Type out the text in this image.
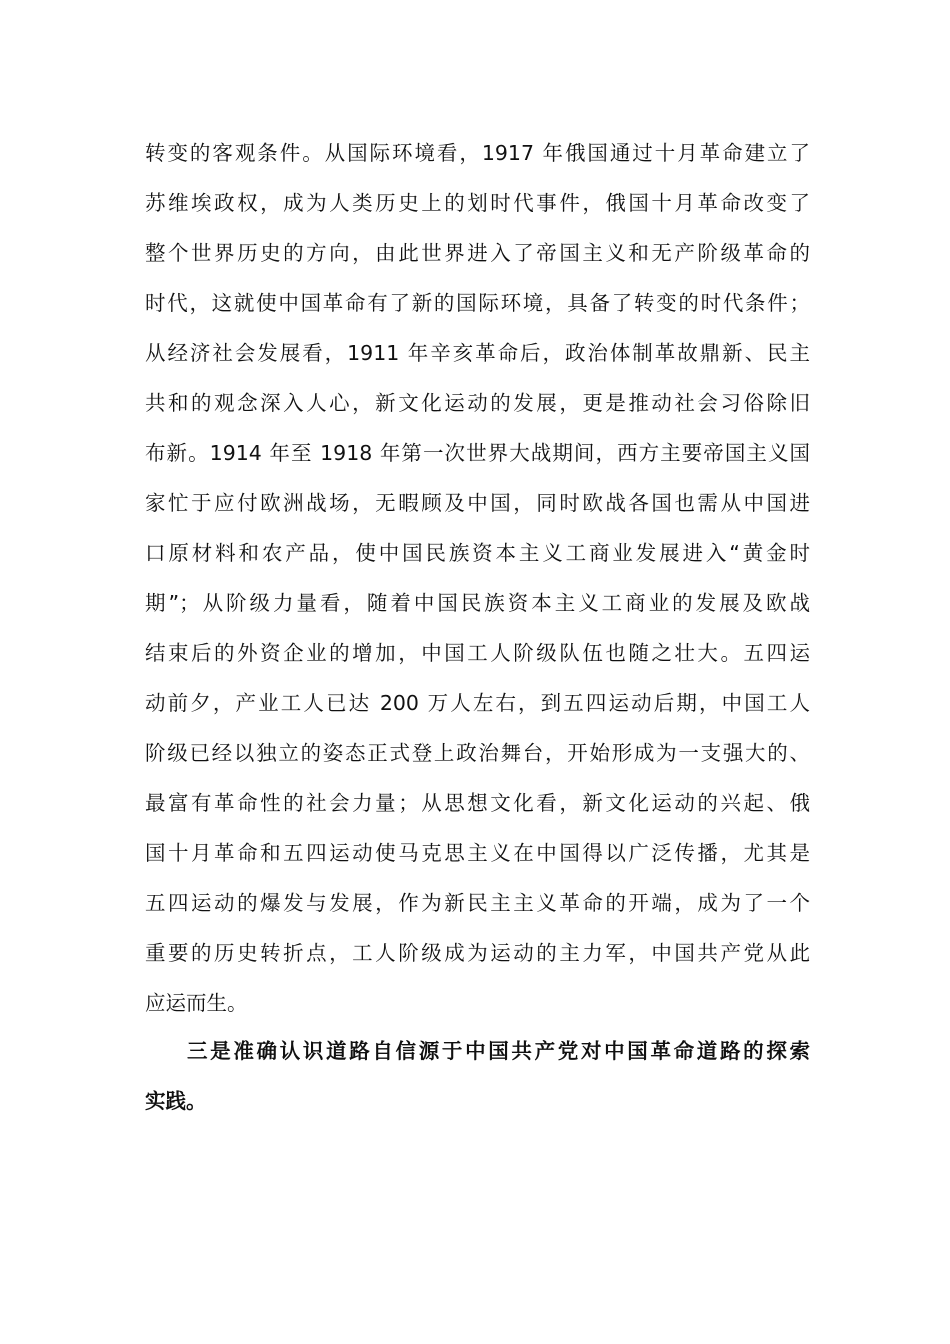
转变的客观条件。从国际环境看，1917 年俄国通过十月革命建立了
苏维埃政权，成为人类历史上的划时代事件，俄国十月革命改变了
整个世界历史的方向，由此世界进入了帝国主义和无产阶级革命的
时代，这就使中国革命有了新的国际环境，具备了转变的时代条件；
从经济社会发展看，1911 年辛亥革命后，政治体制革故鼎新、民主
共和的观念深入人心，新文化运动的发展，更是推动社会习俗除旧
布新。1914 年至 1918 年第一次世界大战期间，西方主要帝国主义国
家忙于应付欧洲战场，无暇顾及中国，同时欧战各国也需从中国进
口原材料和农产品，使中国民族资本主义工商业发展进入“黄金时
期”；从阶级力量看，随着中国民族资本主义工商业的发展及欧战
结束后的外资企业的增加，中国工人阶级队伍也随之壮大。五四运
动前夕，产业工人已达 200 万人左右，到五四运动后期，中国工人
阶级已经以独立的姿态正式登上政治舞台，开始形成为一支强大的、
最富有革命性的社会力量；从思想文化看，新文化运动的兴起、俄
国十月革命和五四运动使马克思主义在中国得以广泛传播，尤其是
五四运动的爆发与发展，作为新民主主义革命的开端，成为了一个
重要的历史转折点，工人阶级成为运动的主力军，中国共产党从此
应运而生。
三是准确认识道路自信源于中国共产党对中国革命道路的探索
实践。
